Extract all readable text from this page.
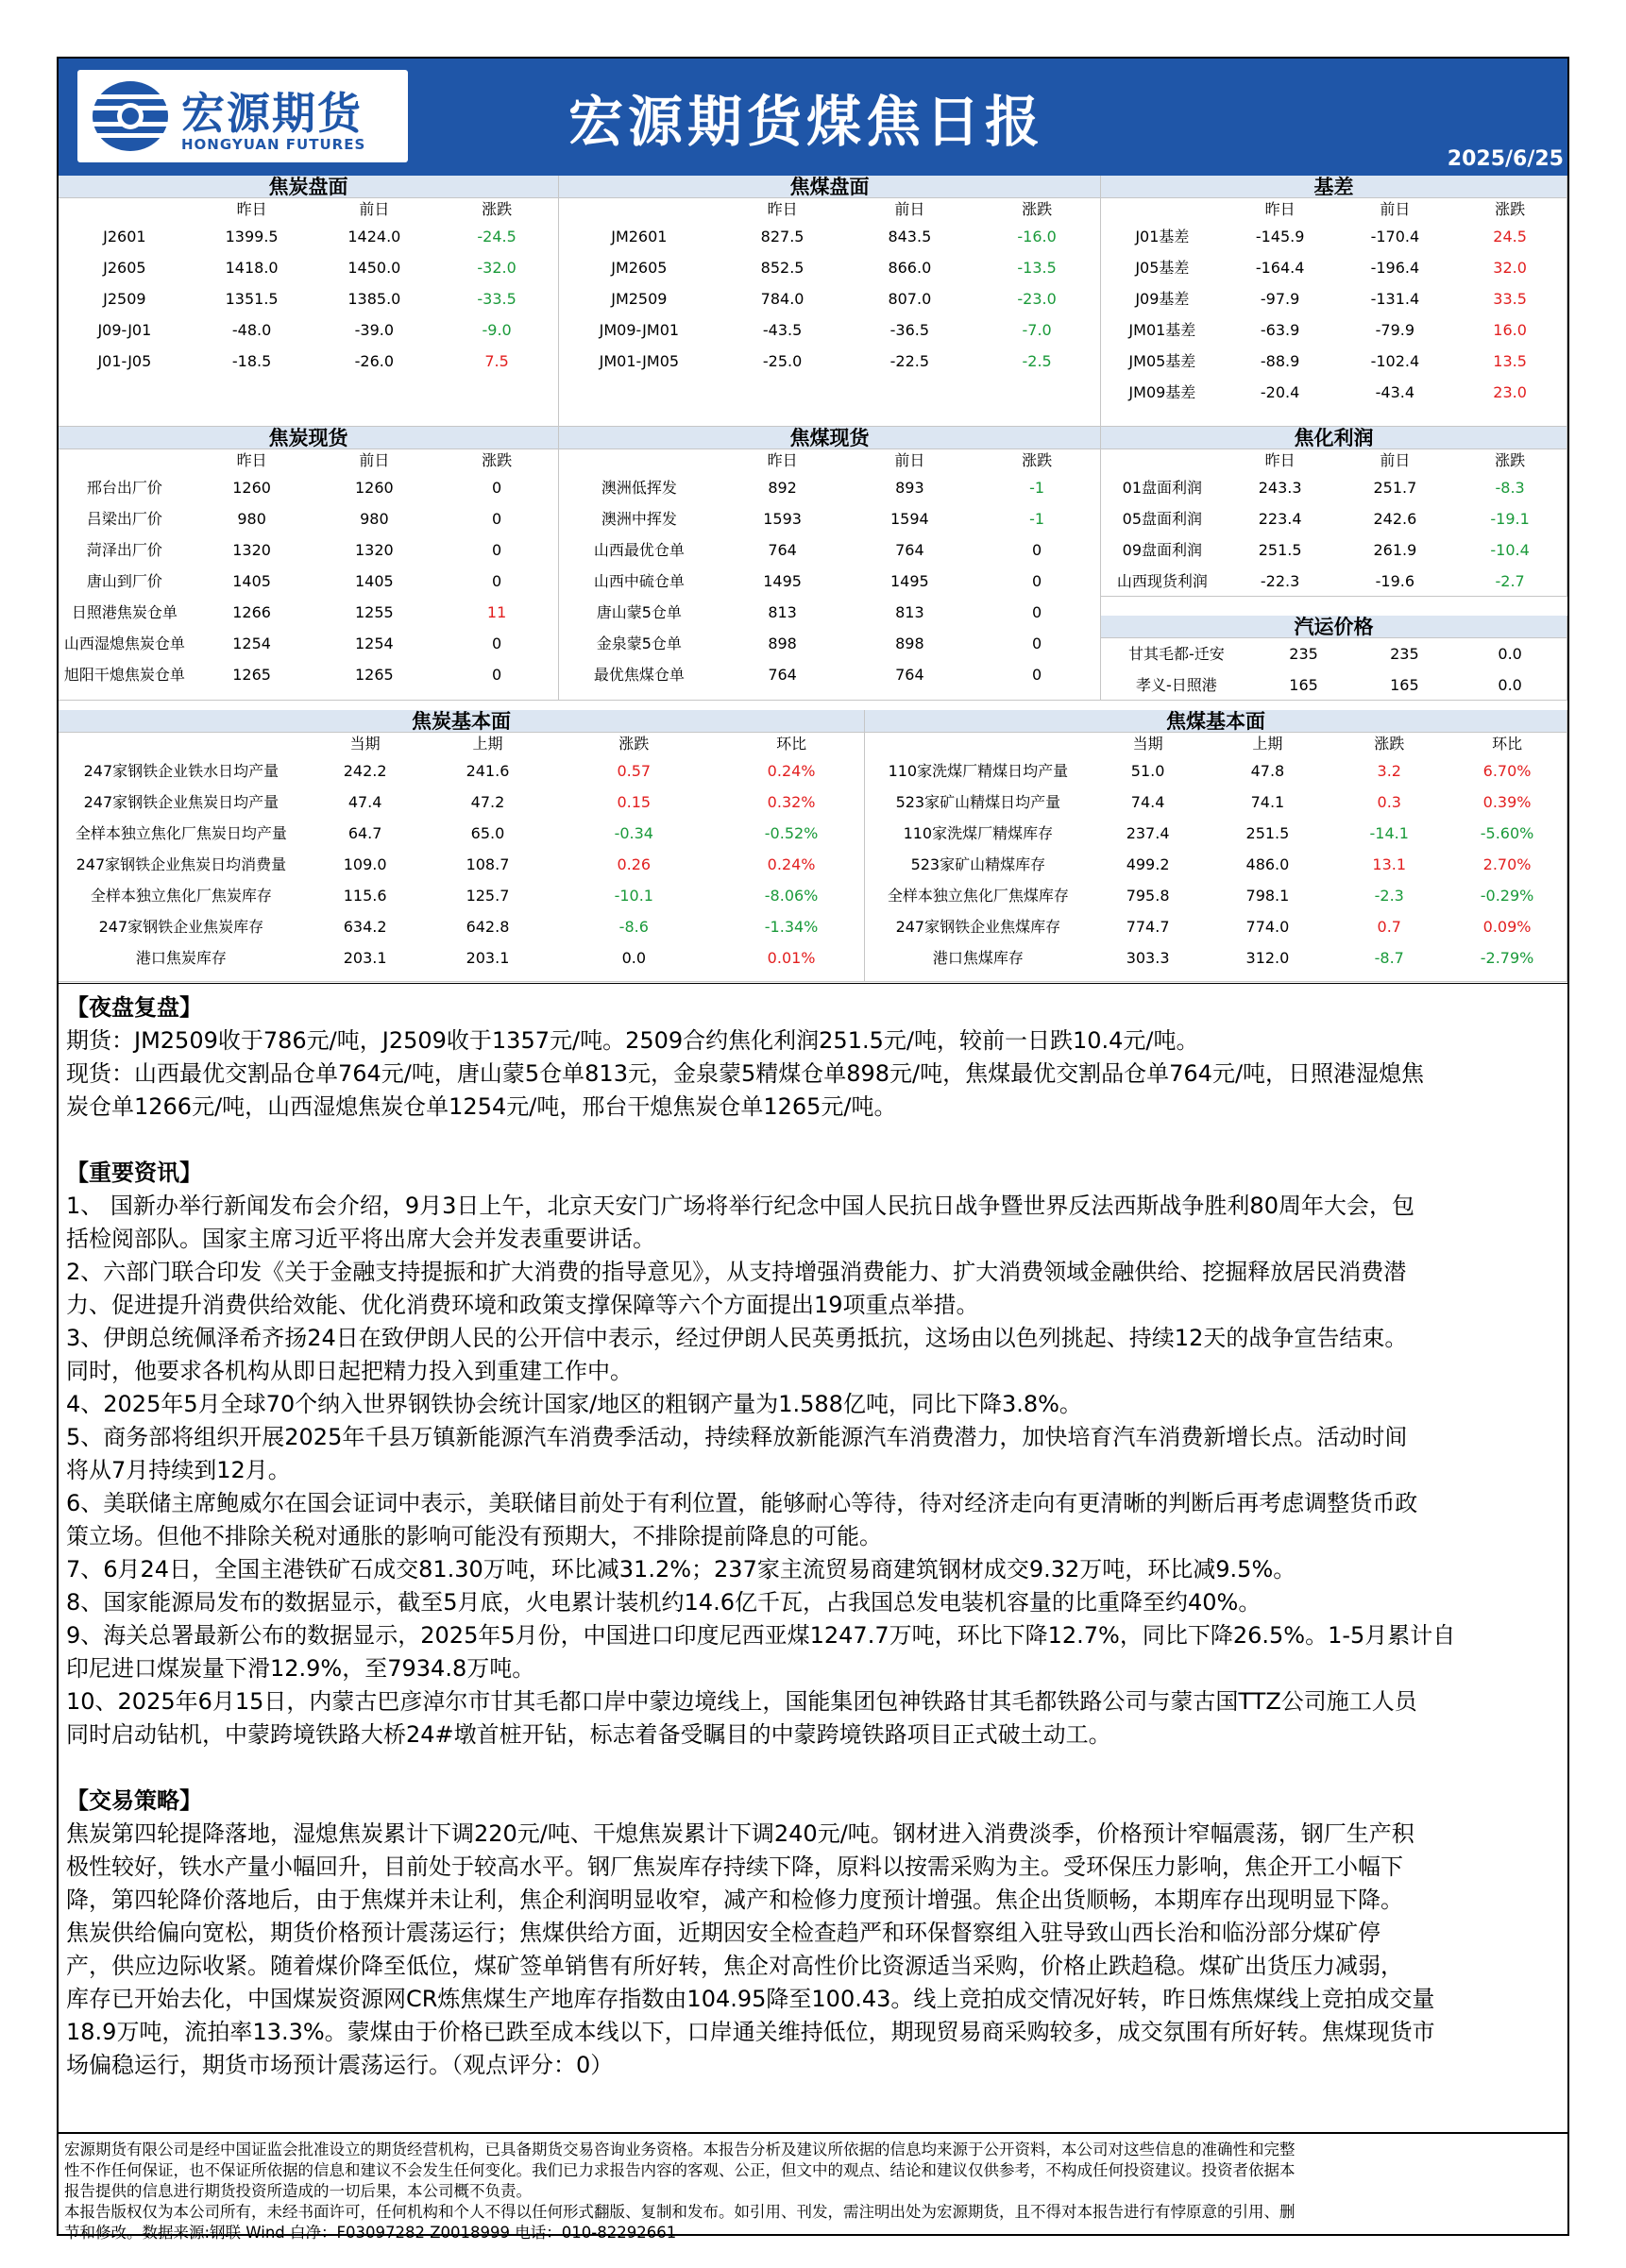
宏源期货
HONGYUAN FUTURES	宏源期货煤焦日报
2025/6/25
焦炭盘面
昨日	前日	涨跌
J2601	1399.5	1424.0	-24.5
J2605	1418.0	1450.0	-32.0
J2509	1351.5	1385.0	-33.5
J09-J01	-48.0	-39.0	-9.0
J01-J05	-18.5	-26.0	7.5
焦煤盘面
昨日	前日	涨跌
JM2601	827.5	843.5	-16.0
JM2605	852.5	866.0	-13.5
JM2509	784.0	807.0	-23.0
JM09-JM01	-43.5	-36.5	-7.0
JM01-JM05	-25.0	-22.5	-2.5
基差
昨日	前日	涨跌
J01基差	-145.9	-170.4	24.5
J05基差	-164.4	-196.4	32.0
J09基差	-97.9	-131.4	33.5
JM01基差	-63.9	-79.9	16.0
JM05基差	-88.9	-102.4	13.5
JM09基差	-20.4	-43.4	23.0
焦炭现货
昨日	前日	涨跌
邢台出厂价	1260	1260	0
吕梁出厂价	980	980	0
菏泽出厂价	1320	1320	0
唐山到厂价	1405	1405	0
日照港焦炭仓单	1266	1255	11
山西湿熄焦炭仓单	1254	1254	0
旭阳干熄焦炭仓单	1265	1265	0
焦煤现货
昨日	前日	涨跌
澳洲低挥发	892	893	-1
澳洲中挥发	1593	1594	-1
山西最优仓单	764	764	0
山西中硫仓单	1495	1495	0
唐山蒙5仓单	813	813	0
金泉蒙5仓单	898	898	0
最优焦煤仓单	764	764	0
焦化利润
昨日	前日	涨跌
01盘面利润	243.3	251.7	-8.3
05盘面利润	223.4	242.6	-19.1
09盘面利润	251.5	261.9	-10.4
山西现货利润	-22.3	-19.6	-2.7
汽运价格
甘其毛都-迁安	235	235	0.0
孝义-日照港	165	165	0.0
焦炭基本面
当期	上期	涨跌	环比
247家钢铁企业铁水日均产量	242.2	241.6	0.57	0.24%
247家钢铁企业焦炭日均产量	47.4	47.2	0.15	0.32%
全样本独立焦化厂焦炭日均产量	64.7	65.0	-0.34	-0.52%
247家钢铁企业焦炭日均消费量	109.0	108.7	0.26	0.24%
全样本独立焦化厂焦炭库存	115.6	125.7	-10.1	-8.06%
247家钢铁企业焦炭库存	634.2	642.8	-8.6	-1.34%
港口焦炭库存	203.1	203.1	0.0	0.01%
焦煤基本面
当期	上期	涨跌	环比
110家洗煤厂精煤日均产量	51.0	47.8	3.2	6.70%
523家矿山精煤日均产量	74.4	74.1	0.3	0.39%
110家洗煤厂精煤库存	237.4	251.5	-14.1	-5.60%
523家矿山精煤库存	499.2	486.0	13.1	2.70%
全样本独立焦化厂焦煤库存	795.8	798.1	-2.3	-0.29%
247家钢铁企业焦煤库存	774.7	774.0	0.7	0.09%
港口焦煤库存	303.3	312.0	-8.7	-2.79%

【夜盘复盘】

期货：JM2509收于786元/吨，J2509收于1357元/吨。2509合约焦化利润251.5元/吨，较前一日跌10.4元/吨。

现货：山西最优交割品仓单764元/吨，唐山蒙5仓单813元，金泉蒙5精煤仓单898元/吨，焦煤最优交割品仓单764元/吨，日照港湿熄焦

炭仓单1266元/吨，山西湿熄焦炭仓单1254元/吨，邢台干熄焦炭仓单1265元/吨。

【重要资讯】

1、 国新办举行新闻发布会介绍，9月3日上午，北京天安门广场将举行纪念中国人民抗日战争暨世界反法西斯战争胜利80周年大会，包

括检阅部队。国家主席习近平将出席大会并发表重要讲话。

2、六部门联合印发《关于金融支持提振和扩大消费的指导意见》，从支持增强消费能力、扩大消费领域金融供给、挖掘释放居民消费潜

力、促进提升消费供给效能、优化消费环境和政策支撑保障等六个方面提出19项重点举措。

3、伊朗总统佩泽希齐扬24日在致伊朗人民的公开信中表示，经过伊朗人民英勇抵抗，这场由以色列挑起、持续12天的战争宣告结束。

同时，他要求各机构从即日起把精力投入到重建工作中。

4、2025年5月全球70个纳入世界钢铁协会统计国家/地区的粗钢产量为1.588亿吨，同比下降3.8%。

5、商务部将组织开展2025年千县万镇新能源汽车消费季活动，持续释放新能源汽车消费潜力，加快培育汽车消费新增长点。活动时间

将从7月持续到12月。

6、美联储主席鲍威尔在国会证词中表示，美联储目前处于有利位置，能够耐心等待，待对经济走向有更清晰的判断后再考虑调整货币政

策立场。但他不排除关税对通胀的影响可能没有预期大，不排除提前降息的可能。

7、6月24日，全国主港铁矿石成交81.30万吨，环比减31.2%；237家主流贸易商建筑钢材成交9.32万吨，环比减9.5%。

8、国家能源局发布的数据显示，截至5月底，火电累计装机约14.6亿千瓦，占我国总发电装机容量的比重降至约40%。

9、海关总署最新公布的数据显示，2025年5月份，中国进口印度尼西亚煤1247.7万吨，环比下降12.7%，同比下降26.5%。1-5月累计自

印尼进口煤炭量下滑12.9%，至7934.8万吨。

10、2025年6月15日，内蒙古巴彦淖尔市甘其毛都口岸中蒙边境线上，国能集团包神铁路甘其毛都铁路公司与蒙古国TTZ公司施工人员

同时启动钻机，中蒙跨境铁路大桥24#墩首桩开钻，标志着备受瞩目的中蒙跨境铁路项目正式破土动工。

【交易策略】

焦炭第四轮提降落地，湿熄焦炭累计下调220元/吨、干熄焦炭累计下调240元/吨。钢材进入消费淡季，价格预计窄幅震荡，钢厂生产积

极性较好，铁水产量小幅回升，目前处于较高水平。钢厂焦炭库存持续下降，原料以按需采购为主。受环保压力影响，焦企开工小幅下

降，第四轮降价落地后，由于焦煤并未让利，焦企利润明显收窄，减产和检修力度预计增强。焦企出货顺畅，本期库存出现明显下降。

焦炭供给偏向宽松，期货价格预计震荡运行；焦煤供给方面，近期因安全检查趋严和环保督察组入驻导致山西长治和临汾部分煤矿停

产，供应边际收紧。随着煤价降至低位，煤矿签单销售有所好转，焦企对高性价比资源适当采购，价格止跌趋稳。煤矿出货压力减弱，

库存已开始去化，中国煤炭资源网CR炼焦煤生产地库存指数由104.95降至100.43。线上竞拍成交情况好转，昨日炼焦煤线上竞拍成交量

18.9万吨，流拍率13.3%。蒙煤由于价格已跌至成本线以下，口岸通关维持低位，期现贸易商采购较多，成交氛围有所好转。焦煤现货市

场偏稳运行，期货市场预计震荡运行。（观点评分：0）

宏源期货有限公司是经中国证监会批准设立的期货经营机构，已具备期货交易咨询业务资格。本报告分析及建议所依据的信息均来源于公开资料，本公司对这些信息的准确性和完整

性不作任何保证，也不保证所依据的信息和建议不会发生任何变化。我们已力求报告内容的客观、公正，但文中的观点、结论和建议仅供参考，不构成任何投资建议。投资者依据本

报告提供的信息进行期货投资所造成的一切后果，本公司概不负责。

本报告版权仅为本公司所有，未经书面许可，任何机构和个人不得以任何形式翻版、复制和发布。如引用、刊发，需注明出处为宏源期货，且不得对本报告进行有悖原意的引用、删

节和修改。数据来源:钢联 Wind 白净：F03097282 Z0018999 电话：010-82292661
